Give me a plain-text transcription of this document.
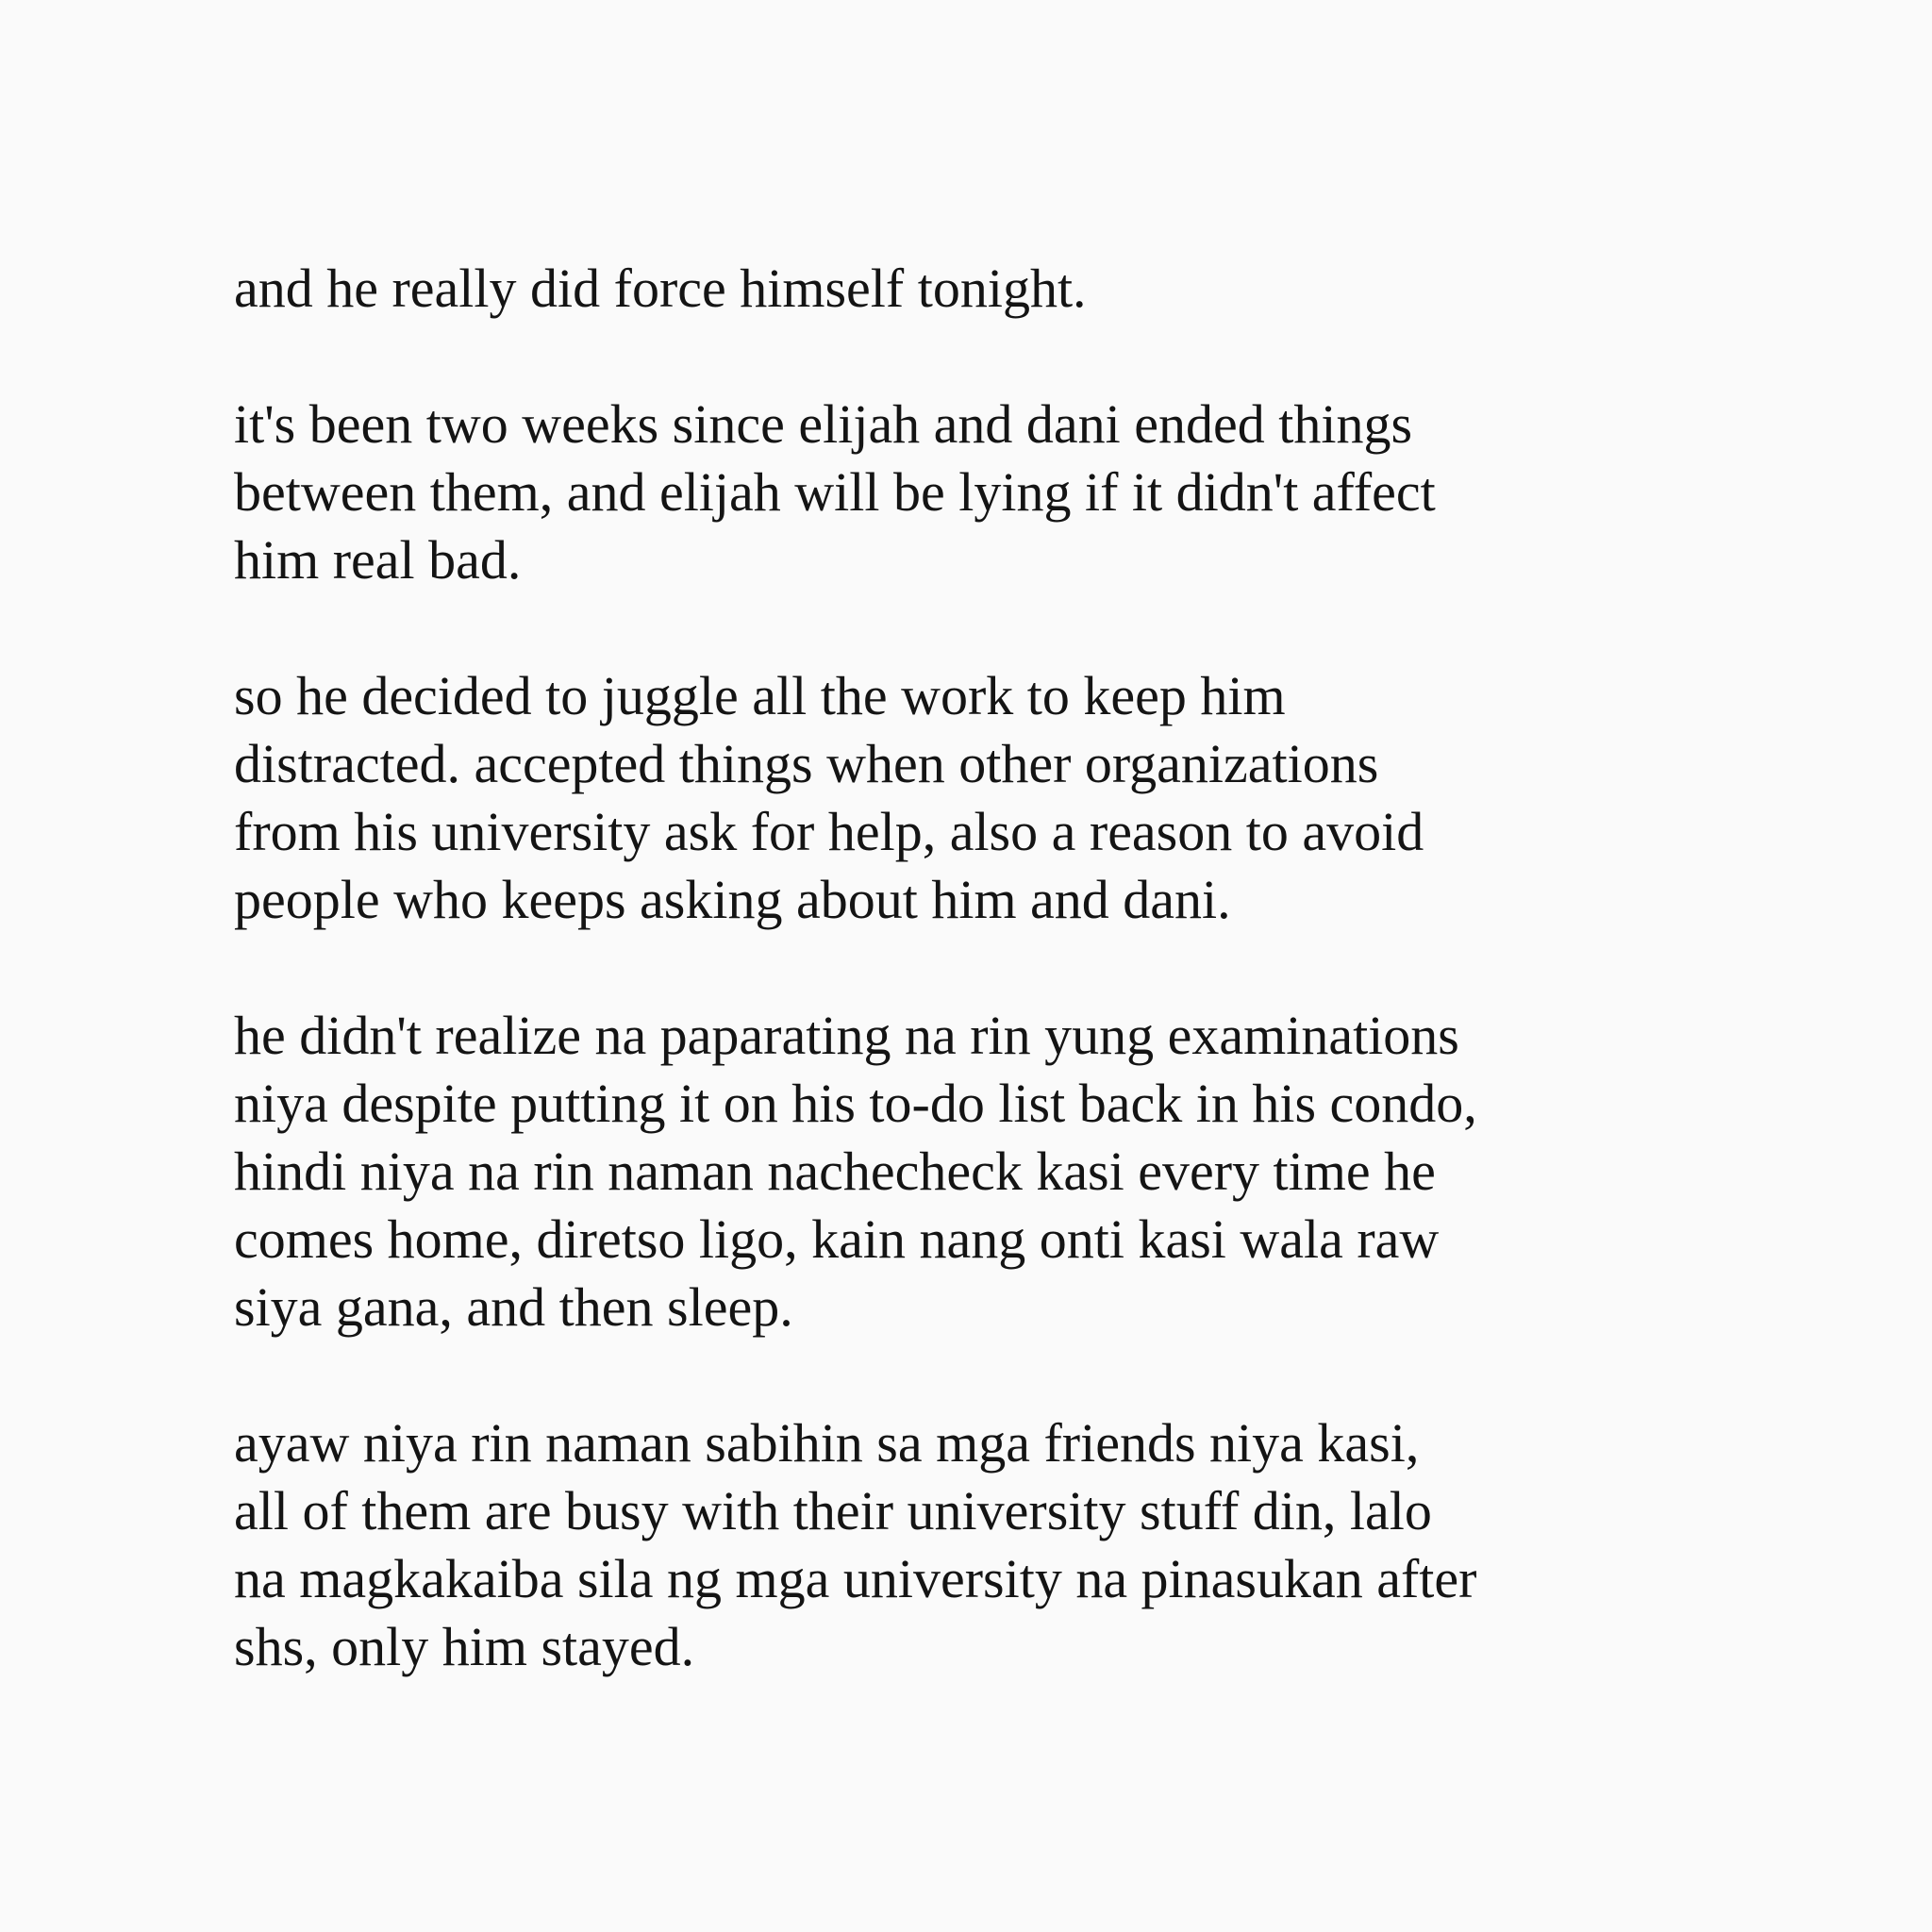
and he really did force himself tonight.

it's been two weeks since elijah and dani ended things
between them, and elijah will be lying if it didn't affect
him real bad.

so he decided to juggle all the work to keep him
distracted. accepted things when other organizations
from his university ask for help, also a reason to avoid
people who keeps asking about him and dani.

he didn't realize na paparating na rin yung examinations
niya despite putting it on his to-do list back in his condo,
hindi niya na rin naman nachecheck kasi every time he
comes home, diretso ligo, kain nang onti kasi wala raw
siya gana, and then sleep.

ayaw niya rin naman sabihin sa mga friends niya kasi,
all of them are busy with their university stuff din, lalo
na magkakaiba sila ng mga university na pinasukan after
shs, only him stayed.
